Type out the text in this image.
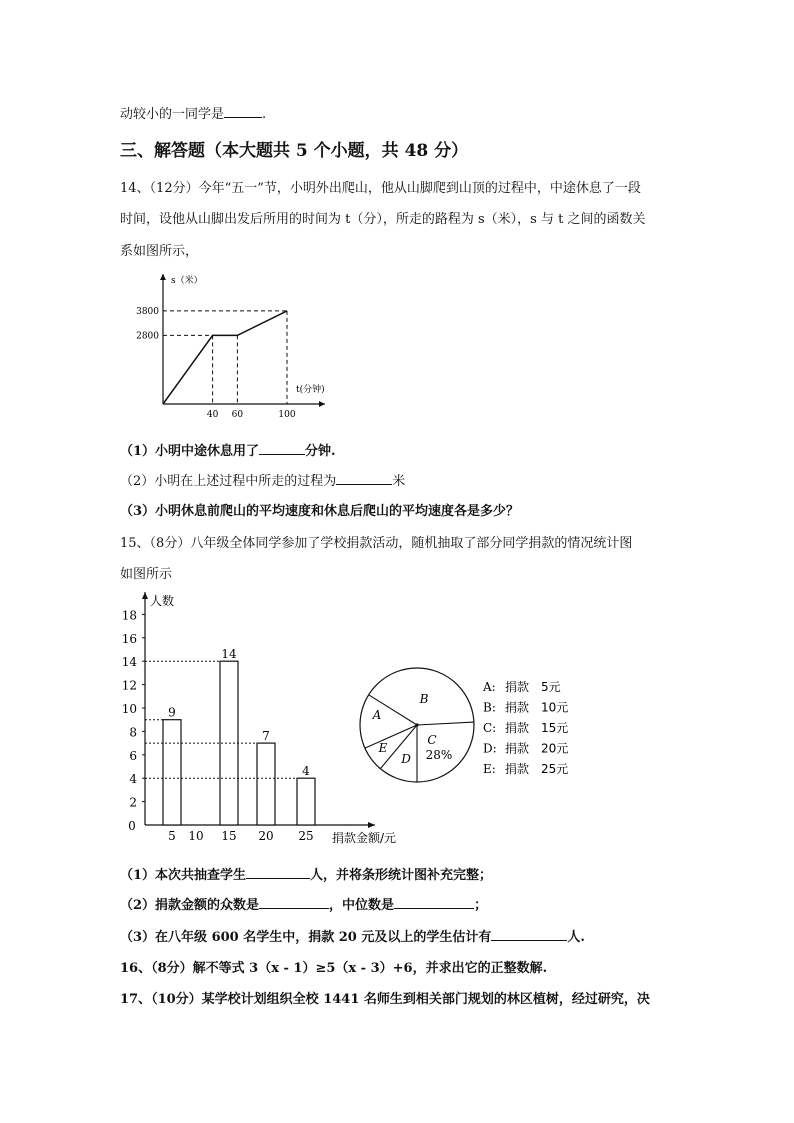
动较小的一同学是	.
三、解答题（本大题共 5 个小题，共 48 分）
14、（12分）今年“五一”节，小明外出爬山，他从山脚爬到山顶的过程中，中途休息了一段
时间，设他从山脚出发后所用的时间为 t（分），所走的路程为 s（米），s 与 t 之间的函数关
系如图所示，
s（米）
t(分钟)
40 60	100
2800
3800
（1）小明中途休息用了	分钟.
（2）小明在上述过程中所走的过程为	米
（3）小明休息前爬山的平均速度和休息后爬山的平均速度各是多少？
15、（8分）八年级全体同学参加了学校捐款活动，随机抽取了部分同学捐款的情况统计图
如图所示
人数
捐款金额/元
0
2
4
6
8
10
12
14
16
18
5
9
10 15
14
20
7
25
4
A
B
C
D
E	28%
A: 捐款 5元
B: 捐款 10元
C: 捐款 15元
D: 捐款 20元
E: 捐款 25元
（1）本次共抽查学生	人，并将条形统计图补充完整；
（2）捐款金额的众数是	，中位数是	；
（3）在八年级 600 名学生中，捐款 20 元及以上的学生估计有	人.
16、（8分）解不等式 3（x - 1）≥5（x - 3）+6，并求出它的正整数解.
17、（10分）某学校计划组织全校 1441 名师生到相关部门规划的林区植树，经过研究，决
